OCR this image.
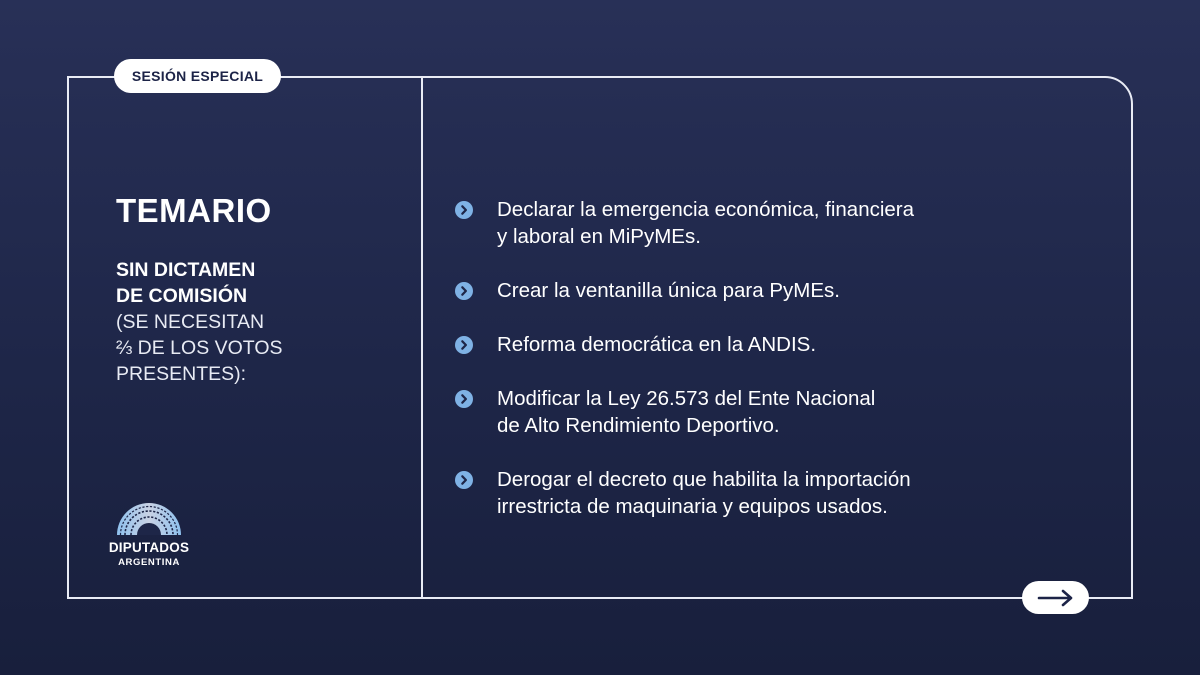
SESIÓN ESPECIAL
TEMARIO
SIN DICTAMEN
DE COMISIÓN
(SE NECESITAN
⅔ DE LOS VOTOS
PRESENTES):
Declarar la emergencia económica, financiera
y laboral en MiPyMEs.
Crear la ventanilla única para PyMEs.
Reforma democrática en la ANDIS.
Modificar la Ley 26.573 del Ente Nacional
de Alto Rendimiento Deportivo.
Derogar el decreto que habilita la importación
irrestricta de maquinaria y equipos usados.
DIPUTADOS
ARGENTINA
